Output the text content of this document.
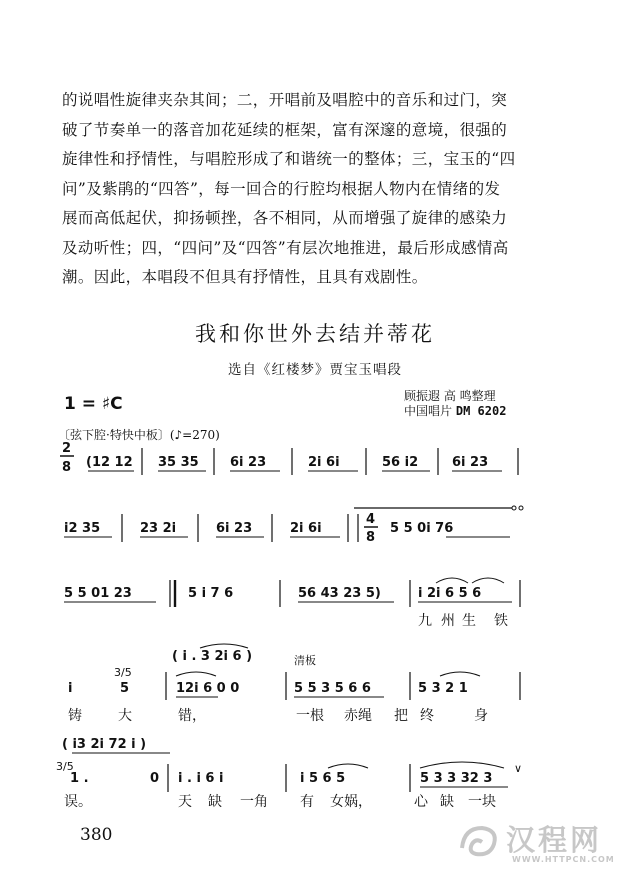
的说唱性旋律夹杂其间；二，开唱前及唱腔中的音乐和过门，突

破了节奏单一的落音加花延续的框架，富有深邃的意境，很强的

旋律性和抒情性，与唱腔形成了和谐统一的整体；三，宝玉的“四

问”及紫鹃的“四答”，每一回合的行腔均根据人物内在情绪的发

展而高低起伏，抑扬顿挫，各不相同，从而增强了旋律的感染力

及动听性；四，“四问”及“四答”有层次地推进，最后形成感情高

潮。因此，本唱段不但具有抒情性，且具有戏剧性。

我和你世外去结并蒂花
选自《红楼梦》贾宝玉唱段
1 = ♯C	顾振遐 高 鸣整理
中国唱片 DM 6202
〔弦下腔·特快中板〕(♪=270)
2
8 (12 12 35 35 6i 23	2i 6i	56 i2	6i 23
i2 35	23 2i	6i 23	2i 6i	5 5 0i 76
4
8
5 5 01 23	5 i 7 6	56 43 23 5)	i 2i 6 5 6
九 州 生 铁
( i . 3 2i 6 )	清板
3/5
i	5	12i 6 0 0	5 5 3 5 6 6	5 3 2 1
铸	大	错，	一根 赤绳 把 终	身
( i3 2i 72 i )
3/5
1 .	0 i . i 6 i	i 5 6 5	5 3 3 32 3
∨
误。	天 缺 一角 有 女娲，	心 缺 一块
380	汉程网
WWW.HTTPCN.COM
